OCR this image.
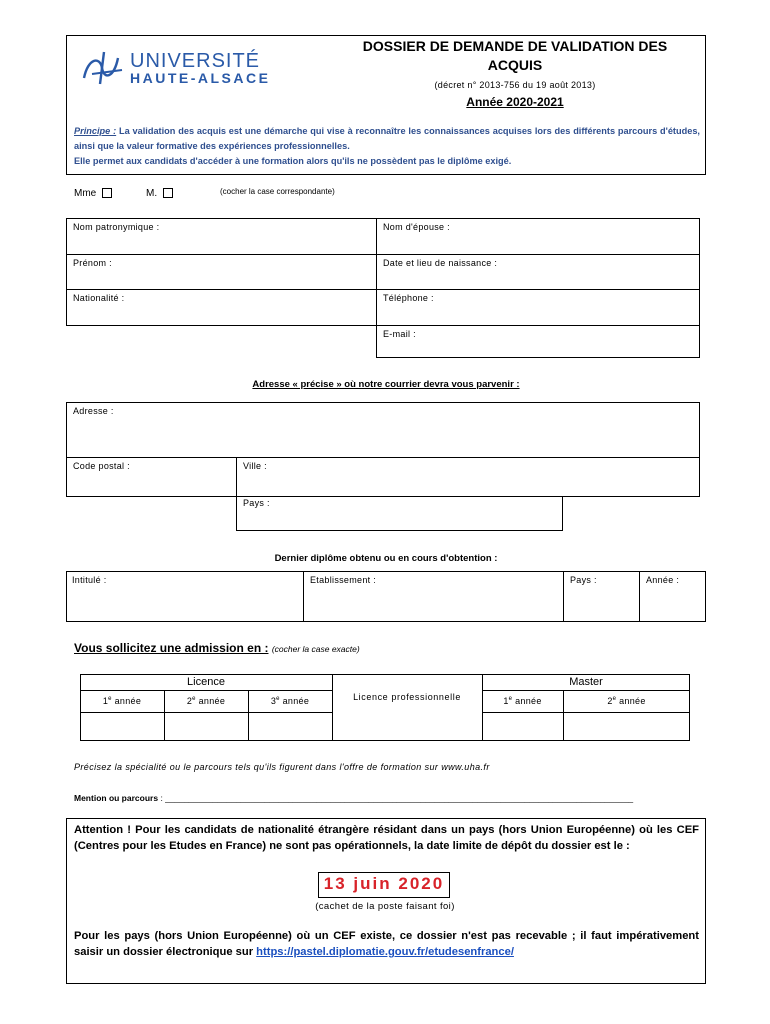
UNIVERSITÉ
HAUTE-ALSACE
DOSSIER DE DEMANDE DE VALIDATION DES ACQUIS
(décret n° 2013-756 du 19 août 2013)
Année 2020-2021
Principe : La validation des acquis est une démarche qui vise à reconnaître les connaissances acquises lors des différents parcours d'études, ainsi que la valeur formative des expériences professionnelles.
Elle permet aux candidats d'accéder à une formation alors qu'ils ne possèdent pas le diplôme exigé.
Mme	M.	(cocher la case correspondante)
Nom patronymique :	Nom d'épouse :
Prénom :	Date et lieu de naissance :
Nationalité :	Téléphone :
E-mail :
Adresse « précise » où notre courrier devra vous parvenir :
Adresse :
Code postal :	Ville :
Pays :
Dernier diplôme obtenu ou en cours d'obtention :
Intitulé :	Etablissement :	Pays :	Année :
Vous sollicitez une admission en : (cocher la case exacte)
Licence	Master
1e année	2e année	3e année	Licence professionnelle	1e année	2e année
Précisez la spécialité ou le parcours tels qu'ils figurent dans l'offre de formation sur www.uha.fr
Mention ou parcours : ___________________________________________________________________________________________________
Attention ! Pour les candidats de nationalité étrangère résidant dans un pays (hors Union Européenne) où les CEF (Centres pour les Etudes en France) ne sont pas opérationnels, la date limite de dépôt du dossier est le :
13 juin 2020
(cachet de la poste faisant foi)
Pour les pays (hors Union Européenne) où un CEF existe, ce dossier n'est pas recevable ; il faut impérativement saisir un dossier électronique sur https://pastel.diplomatie.gouv.fr/etudesenfrance/
